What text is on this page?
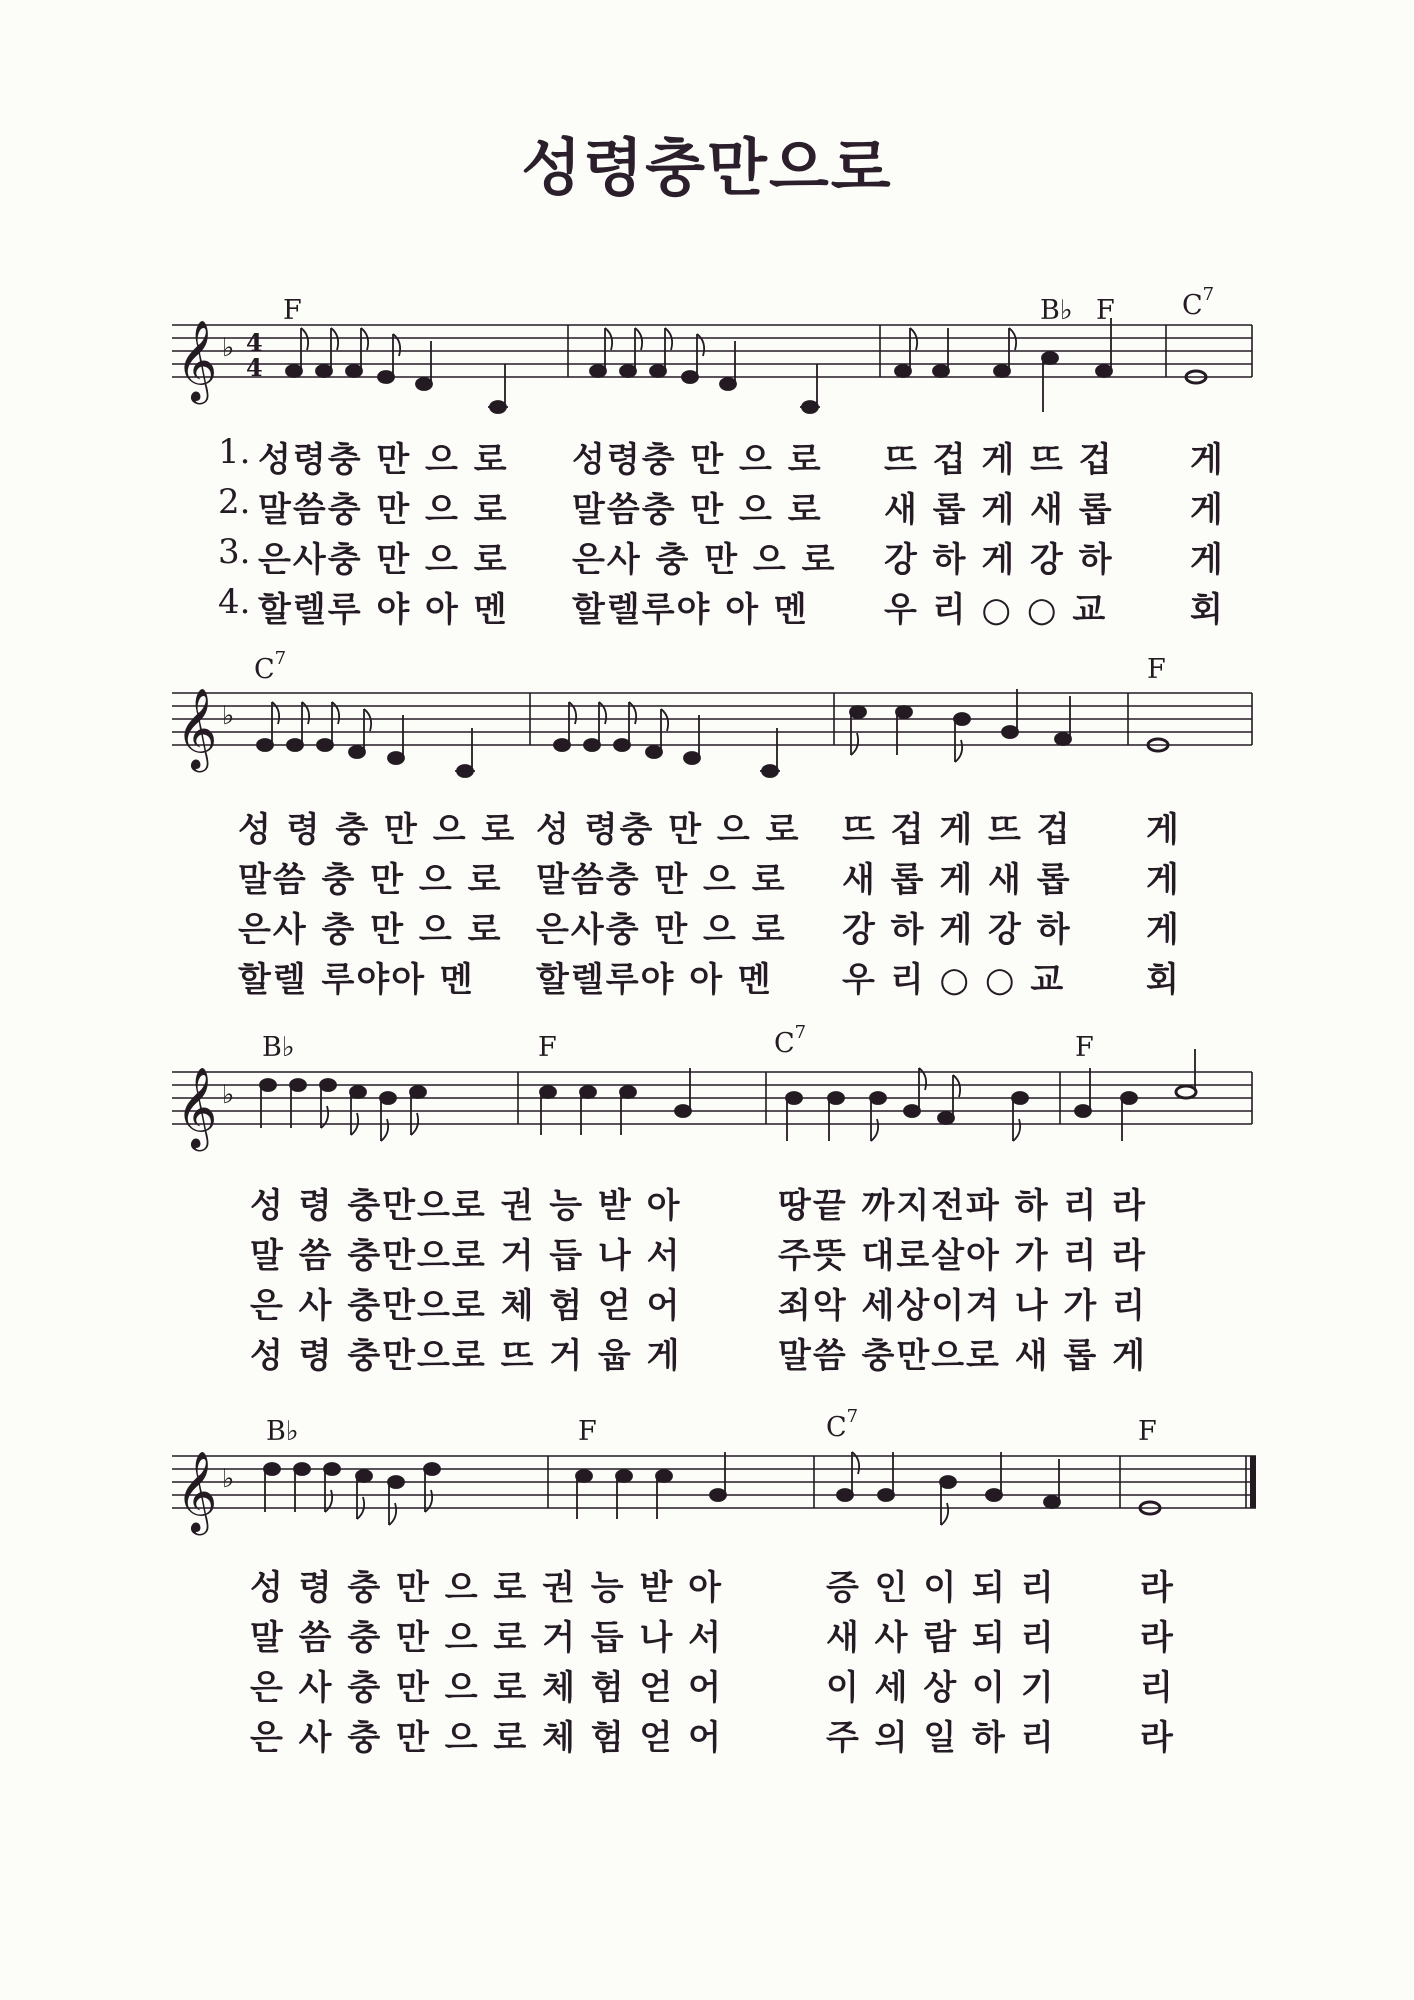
성령충만으로
F	B♭ F $C^7$
𝄞 ♭ 4
4
1. 성령충 만 으 로 성령충 만 으 로 뜨 겁 게 뜨 겁 게
2. 말씀충 만 으 로 말씀충 만 으 로 새 롭 게 새 롭 게
3. 은사충 만 으 로 은사 충 만 으 로 강 하 게 강 하 게
4. 할렐루 야 아 멘 할렐루야 아 멘 우 리 ○ ○ 교 회
$C^7$	F
𝄞 ♭
성 령 충 만 으 로 성 령충 만 으 로 뜨 겁 게 뜨 겁 게
말씀 충 만 으 로 말씀충 만 으 로 새 롭 게 새 롭 게
은사 충 만 으 로 은사충 만 으 로 강 하 게 강 하 게
할렐 루야아 멘 할렐루야 아 멘 우 리 ○ ○ 교 회
B♭	F	$C^7$	F
𝄞 ♭
성 령 충만으로 권 능 받 아	땅끝 까지전파 하 리 라
말 씀 충만으로 거 듭 나 서	주뜻 대로살아 가 리 라
은 사 충만으로 체 험 얻 어	죄악 세상이겨 나 가 리
성 령 충만으로 뜨 거 웁 게	말씀 충만으로 새 롭 게
B♭	F	$C^7$	F
𝄞 ♭
성 령 충 만 으 로 권 능 받 아	증 인 이 되 리 라
말 씀 충 만 으 로 거 듭 나 서	새 사 람 되 리 라
은 사 충 만 으 로 체 험 얻 어	이 세 상 이 기 리
은 사 충 만 으 로 체 험 얻 어	주 의 일 하 리 라
